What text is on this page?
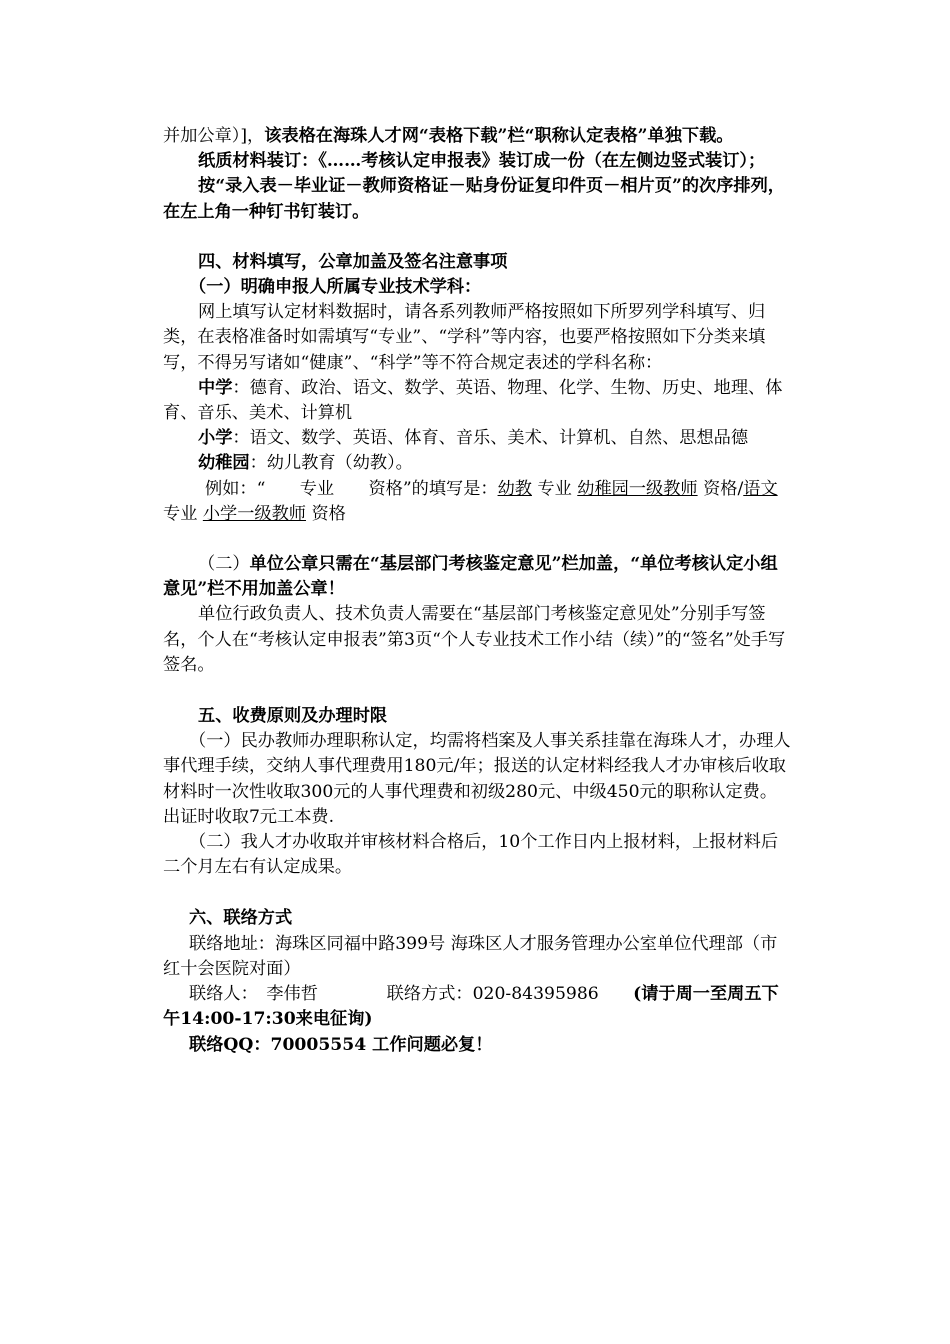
并加公章）]，该表格在海珠人才网“表格下载”栏“职称认定表格”单独下载。

纸质材料装订：《……考核认定申报表》装订成一份（在左侧边竖式装订）；

按“录入表－毕业证－教师资格证－贴身份证复印件页－相片页”的次序排列，在左上角一种钉书钉装订。

四、材料填写，公章加盖及签名注意事项

（一）明确申报人所属专业技术学科：

网上填写认定材料数据时，请各系列教师严格按照如下所罗列学科填写、归类，在表格准备时如需填写“专业”、“学科”等内容，也要严格按照如下分类来填写，不得另写诸如“健康”、“科学”等不符合规定表述的学科名称：

中学：德育、政治、语文、数学、英语、物理、化学、生物、历史、地理、体育、音乐、美术、计算机

小学：语文、数学、英语、体育、音乐、美术、计算机、自然、思想品德

幼稚园：幼儿教育（幼教）。

例如：“　　专业　　资格”的填写是：幼教 专业 幼稚园一级教师 资格/语文 专业 小学一级教师 资格

（二）单位公章只需在“基层部门考核鉴定意见”栏加盖，“单位考核认定小组意见”栏不用加盖公章！

单位行政负责人、技术负责人需要在“基层部门考核鉴定意见处”分别手写签名，个人在“考核认定申报表”第3页“个人专业技术工作小结（续）”的“签名”处手写签名。

五、收费原则及办理时限

（一）民办教师办理职称认定，均需将档案及人事关系挂靠在海珠人才，办理人事代理手续，交纳人事代理费用180元/年；报送的认定材料经我人才办审核后收取材料时一次性收取300元的人事代理费和初级280元、中级450元的职称认定费。出证时收取7元工本费.

（二）我人才办收取并审核材料合格后，10个工作日内上报材料，上报材料后二个月左右有认定成果。

六、联络方式

联络地址：海珠区同福中路399号 海珠区人才服务管理办公室单位代理部（市红十会医院对面）

联络人：　李伟哲　　　　联络方式：020-84395986　　(请于周一至周五下午14:00-17:30来电征询)

联络QQ：70005554 工作问题必复！
